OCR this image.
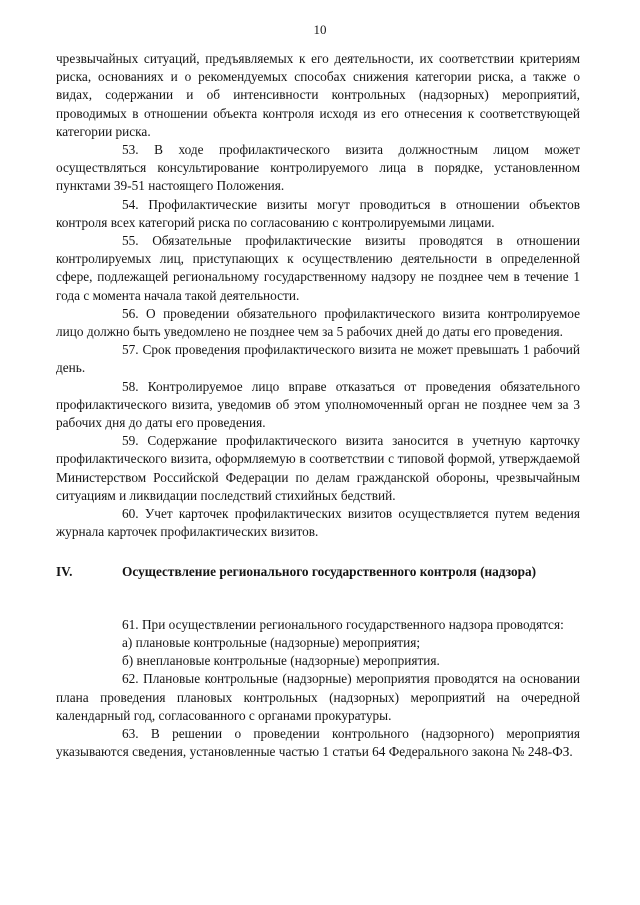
10

чрезвычайных ситуаций, предъявляемых к его деятельности, их соответствии критериям риска, основаниях и о рекомендуемых способах снижения категории риска, а также о видах, содержании и об интенсивности контрольных (надзорных) мероприятий, проводимых в отношении объекта контроля исходя из его отнесения к соответствующей категории риска.

53. В ходе профилактического визита должностным лицом может осуществляться консультирование контролируемого лица в порядке, установленном пунктами 39-51 настоящего Положения.

54. Профилактические визиты могут проводиться в отношении объектов контроля всех категорий риска по согласованию с контролируемыми лицами.

55. Обязательные профилактические визиты проводятся в отношении контролируемых лиц, приступающих к осуществлению деятельности в определенной сфере, подлежащей региональному государственному надзору не позднее чем в течение 1 года с момента начала такой деятельности.

56. О проведении обязательного профилактического визита контролируемое лицо должно быть уведомлено не позднее чем за 5 рабочих дней до даты его проведения.

57. Срок проведения профилактического визита не может превышать 1 рабочий день.

58. Контролируемое лицо вправе отказаться от проведения обязательного профилактического визита, уведомив об этом уполномоченный орган не позднее чем за 3 рабочих дня до даты его проведения.

59. Содержание профилактического визита заносится в учетную карточку профилактического визита, оформляемую в соответствии с типовой формой, утверждаемой Министерством Российской Федерации по делам гражданской обороны, чрезвычайным ситуациям и ликвидации последствий стихийных бедствий.

60. Учет карточек профилактических визитов осуществляется путем ведения журнала карточек профилактических визитов.

IV.	Осуществление регионального государственного контроля (надзора)

61. При осуществлении регионального государственного надзора проводятся:

а) плановые контрольные (надзорные) мероприятия;

б) внеплановые контрольные (надзорные) мероприятия.

62. Плановые контрольные (надзорные) мероприятия проводятся на основании плана проведения плановых контрольных (надзорных) мероприятий на очередной календарный год, согласованного с органами прокуратуры.

63. В решении о проведении контрольного (надзорного) мероприятия указываются сведения, установленные частью 1 статьи 64 Федерального закона № 248-ФЗ.
